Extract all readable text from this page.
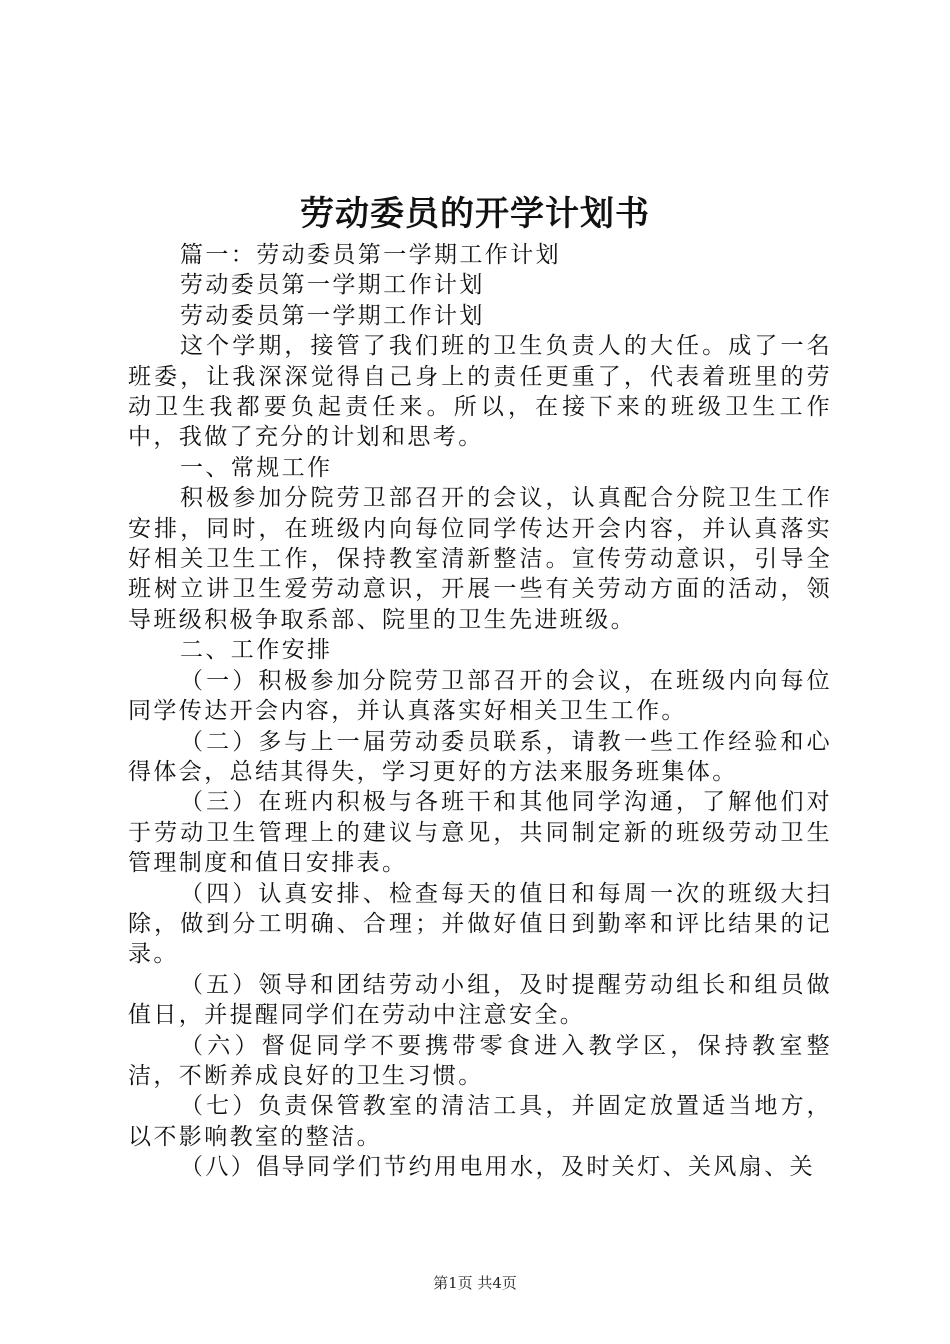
劳动委员的开学计划书

篇一：劳动委员第一学期工作计划

劳动委员第一学期工作计划

劳动委员第一学期工作计划

这个学期，接管了我们班的卫生负责人的大任。成了一名班委，让我深深觉得自己身上的责任更重了，代表着班里的劳动卫生我都要负起责任来。所以，在接下来的班级卫生工作中，我做了充分的计划和思考。

一、常规工作

积极参加分院劳卫部召开的会议，认真配合分院卫生工作安排，同时，在班级内向每位同学传达开会内容，并认真落实好相关卫生工作，保持教室清新整洁。宣传劳动意识，引导全班树立讲卫生爱劳动意识，开展一些有关劳动方面的活动，领导班级积极争取系部、院里的卫生先进班级。

二、工作安排

（一）积极参加分院劳卫部召开的会议，在班级内向每位同学传达开会内容，并认真落实好相关卫生工作。

（二）多与上一届劳动委员联系，请教一些工作经验和心得体会，总结其得失，学习更好的方法来服务班集体。

（三）在班内积极与各班干和其他同学沟通，了解他们对于劳动卫生管理上的建议与意见，共同制定新的班级劳动卫生管理制度和值日安排表。

（四）认真安排、检查每天的值日和每周一次的班级大扫除，做到分工明确、合理；并做好值日到勤率和评比结果的记录。

（五）领导和团结劳动小组，及时提醒劳动组长和组员做值日，并提醒同学们在劳动中注意安全。

（六）督促同学不要携带零食进入教学区，保持教室整洁，不断养成良好的卫生习惯。

（七）负责保管教室的清洁工具，并固定放置适当地方，以不影响教室的整洁。

（八）倡导同学们节约用电用水，及时关灯、关风扇、关

第1页 共4页
